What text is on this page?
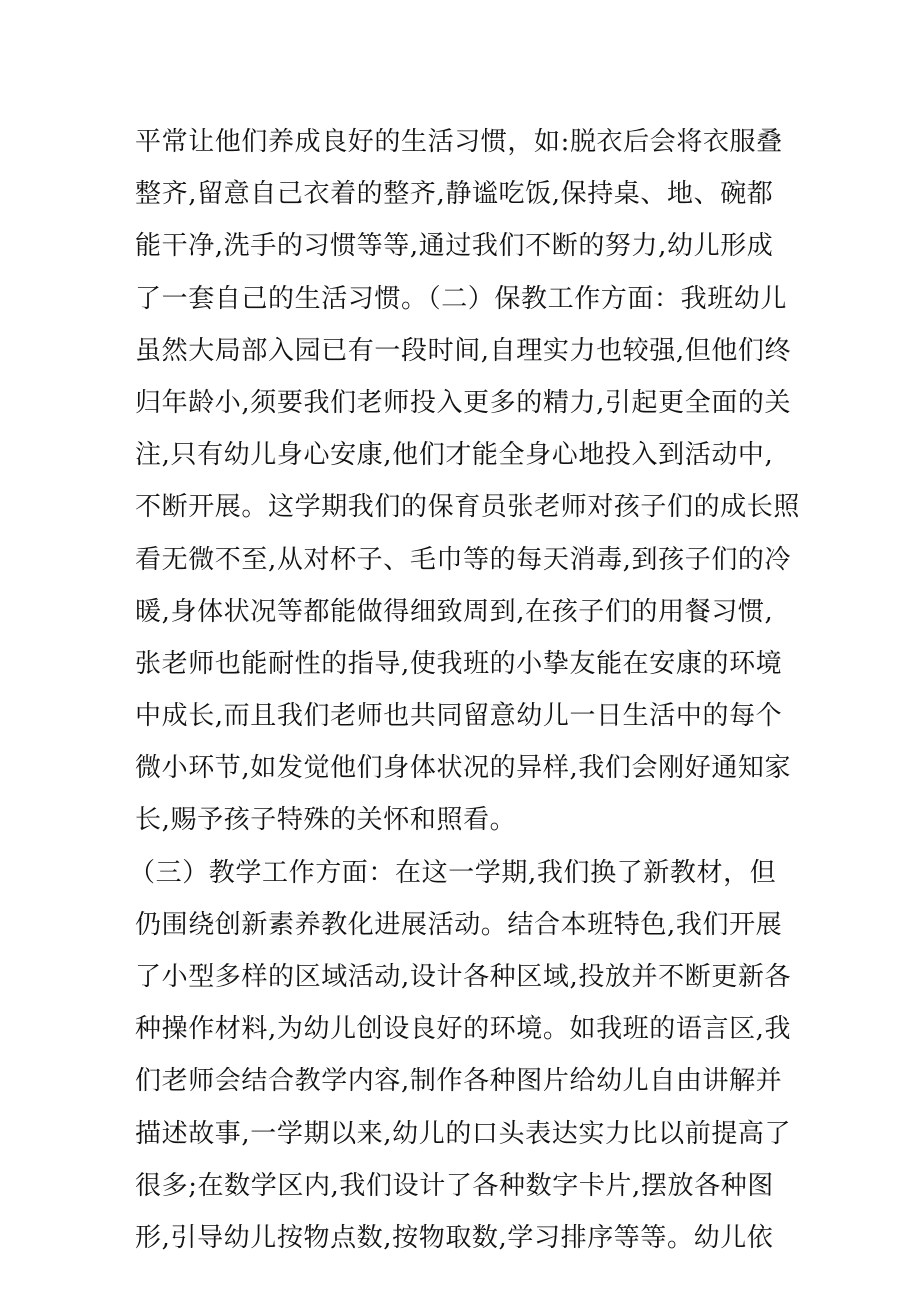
平常让他们养成良好的生活习惯，如:脱衣后会将衣服叠
整齐,留意自己衣着的整齐,静谧吃饭,保持桌、地、碗都
能干净,洗手的习惯等等,通过我们不断的努力,幼儿形成
了一套自己的生活习惯。（二）保教工作方面：我班幼儿
虽然大局部入园已有一段时间,自理实力也较强,但他们终
归年龄小,须要我们老师投入更多的精力,引起更全面的关
注,只有幼儿身心安康,他们才能全身心地投入到活动中,
不断开展。这学期我们的保育员张老师对孩子们的成长照
看无微不至,从对杯子、毛巾等的每天消毒,到孩子们的冷
暖,身体状况等都能做得细致周到,在孩子们的用餐习惯,
张老师也能耐性的指导,使我班的小挚友能在安康的环境
中成长,而且我们老师也共同留意幼儿一日生活中的每个
微小环节,如发觉他们身体状况的异样,我们会刚好通知家
长,赐予孩子特殊的关怀和照看。
（三）教学工作方面：在这一学期,我们换了新教材，但
仍围绕创新素养教化进展活动。结合本班特色,我们开展
了小型多样的区域活动,设计各种区域,投放并不断更新各
种操作材料,为幼儿创设良好的环境。如我班的语言区,我
们老师会结合教学内容,制作各种图片给幼儿自由讲解并
描述故事,一学期以来,幼儿的口头表达实力比以前提高了
很多;在数学区内,我们设计了各种数字卡片,摆放各种图
形,引导幼儿按物点数,按物取数,学习排序等等。幼儿依
